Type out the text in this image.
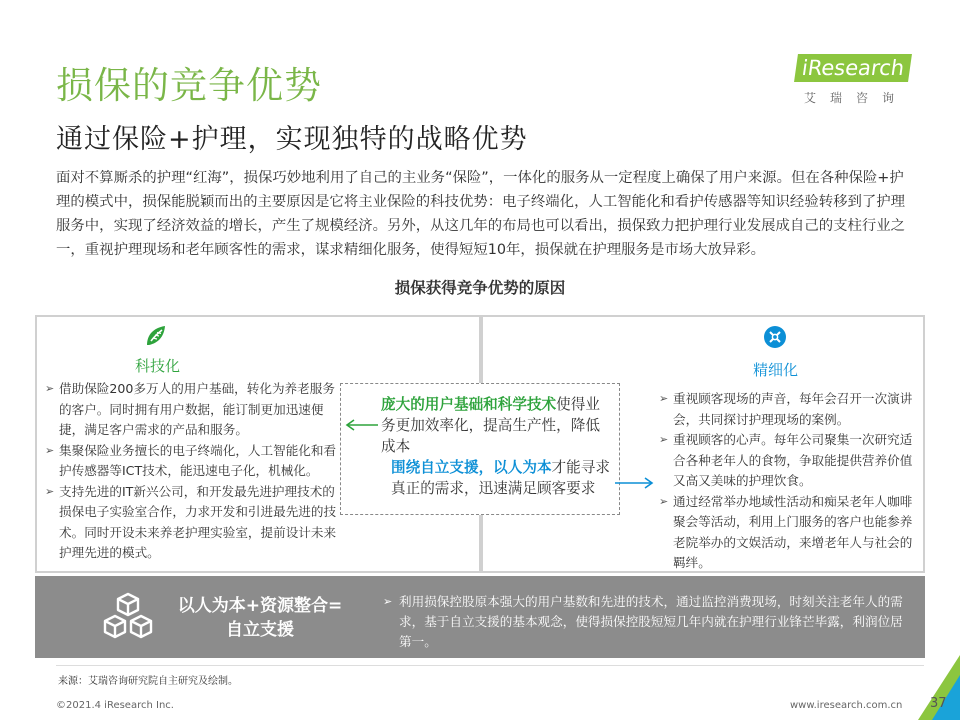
损保的竞争优势
通过保险+护理，实现独特的战略优势
iResearch
艾瑞咨询
面对不算厮杀的护理“红海”，损保巧妙地利用了自己的主业务“保险”，一体化的服务从一定程度上确保了用户来源。但在各种保险+护理的模式中，损保能脱颖而出的主要原因是它将主业保险的科技优势：电子终端化，人工智能化和看护传感器等知识经验转移到了护理服务中，实现了经济效益的增长，产生了规模经济。另外，从这几年的布局也可以看出，损保致力把护理行业发展成自己的支柱行业之一，重视护理现场和老年顾客性的需求，谋求精细化服务，使得短短10年，损保就在护理服务是市场大放异彩。
损保获得竞争优势的原因
科技化
➢ 借助保险200多万人的用户基础，转化为养老服务的客户。同时拥有用户数据，能订制更加迅速便捷，满足客户需求的产品和服务。
➢ 集聚保险业务擅长的电子终端化，人工智能化和看护传感器等ICT技术，能迅速电子化，机械化。
➢ 支持先进的IT新兴公司，和开发最先进护理技术的损保电子实验室合作，力求开发和引进最先进的技术。同时开设未来养老护理实验室，提前设计未来护理先进的模式。
精细化
➢ 重视顾客现场的声音，每年会召开一次演讲会，共同探讨护理现场的案例。
➢ 重视顾客的心声。每年公司聚集一次研究适合各种老年人的食物，争取能提供营养价值又高又美味的护理饮食。
➢ 通过经常举办地域性活动和痴呆老年人咖啡聚会等活动，利用上门服务的客户也能参养老院举办的文娱活动，来增老年人与社会的羁绊。
庞大的用户基础和科学技术使得业务更加效率化，提高生产性，降低成本
围绕自立支援，以人为本才能寻求真正的需求，迅速满足顾客要求
以人为本+资源整合=自立支援
➢ 利用损保控股原本强大的用户基数和先进的技术，通过监控消费现场，时刻关注老年人的需求，基于自立支援的基本观念，使得损保控股短短几年内就在护理行业锋芒毕露，利润位居第一。
来源：艾瑞咨询研究院自主研究及绘制。
©2021.4 iResearch Inc.	www.iresearch.com.cn 37
